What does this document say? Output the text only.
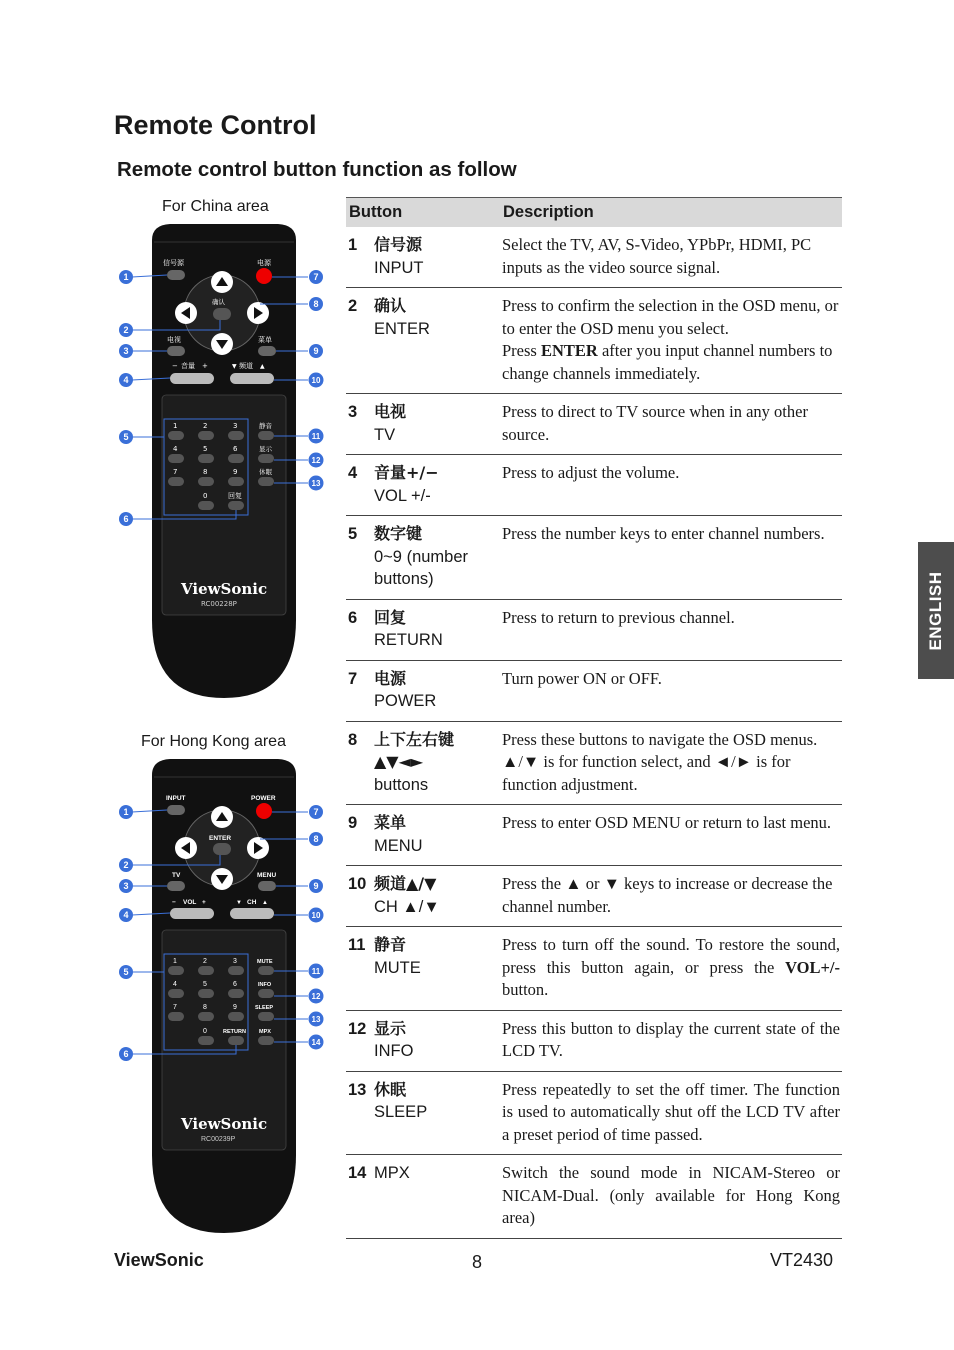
Remote Control
Remote control button function as follow
For China area
For Hong Kong area
信号源	电源
确认
电视	菜单
− 音量 +	▼ 频道 ▲
1	2	3
4	5	6
7	8	9
0	回复
静音
显示
休眠
ViewSonic
RC00228P
1
2
3
4
5
6
7
8
9
10
11
12
13
INPUT	POWER
ENTER
TV	MENU
− VOL +	▼ CH ▲
1	2	3
4	5	6
7	8	9
0	RETURN
MUTE
INFO
SLEEP
MPX
ViewSonic
RC00239P
1
2
3
4
5
6
7
8
9
10
11
12
13
14
Button	Description
1 信号源
INPUT	Select the TV, AV, S-Video, YPbPr, HDMI, PC inputs as the video source signal.
2 确认
ENTER	Press to confirm the selection in the OSD menu, or to enter the OSD menu you select.
Press ENTER after you input channel numbers to change channels immediately.
3 电视
TV	Press to direct to TV source when in any other source.
4 音量+/−
VOL +/-	Press to adjust the volume.
5 数字键
0~9 (number buttons)	Press the number keys to enter channel numbers.
6 回复
RETURN	Press to return to previous channel.
7 电源
POWER	Turn power ON or OFF.
8 上下左右键
▲▼◄►
buttons	Press these buttons to navigate the OSD menus. ▲/▼ is for function select, and ◄/► is for function adjustment.
9 菜单
MENU	Press to enter OSD MENU or return to last menu.
10 频道▲/▼
CH ▲/▼	Press the ▲ or ▼ keys to increase or decrease the channel number.
11 静音
MUTE	Press to turn off the sound. To restore the sound, press this button again, or press the VOL+/- button.
12 显示
INFO	Press this button to display the current state of the LCD TV.
13 休眠
SLEEP	Press repeatedly to set the off timer. The function is used to automatically shut off the LCD TV after a preset period of time passed.
14 MPX	Switch the sound mode in NICAM-Stereo or NICAM-Dual. (only available for Hong Kong area)
ENGLISH
ViewSonic	8	VT2430
